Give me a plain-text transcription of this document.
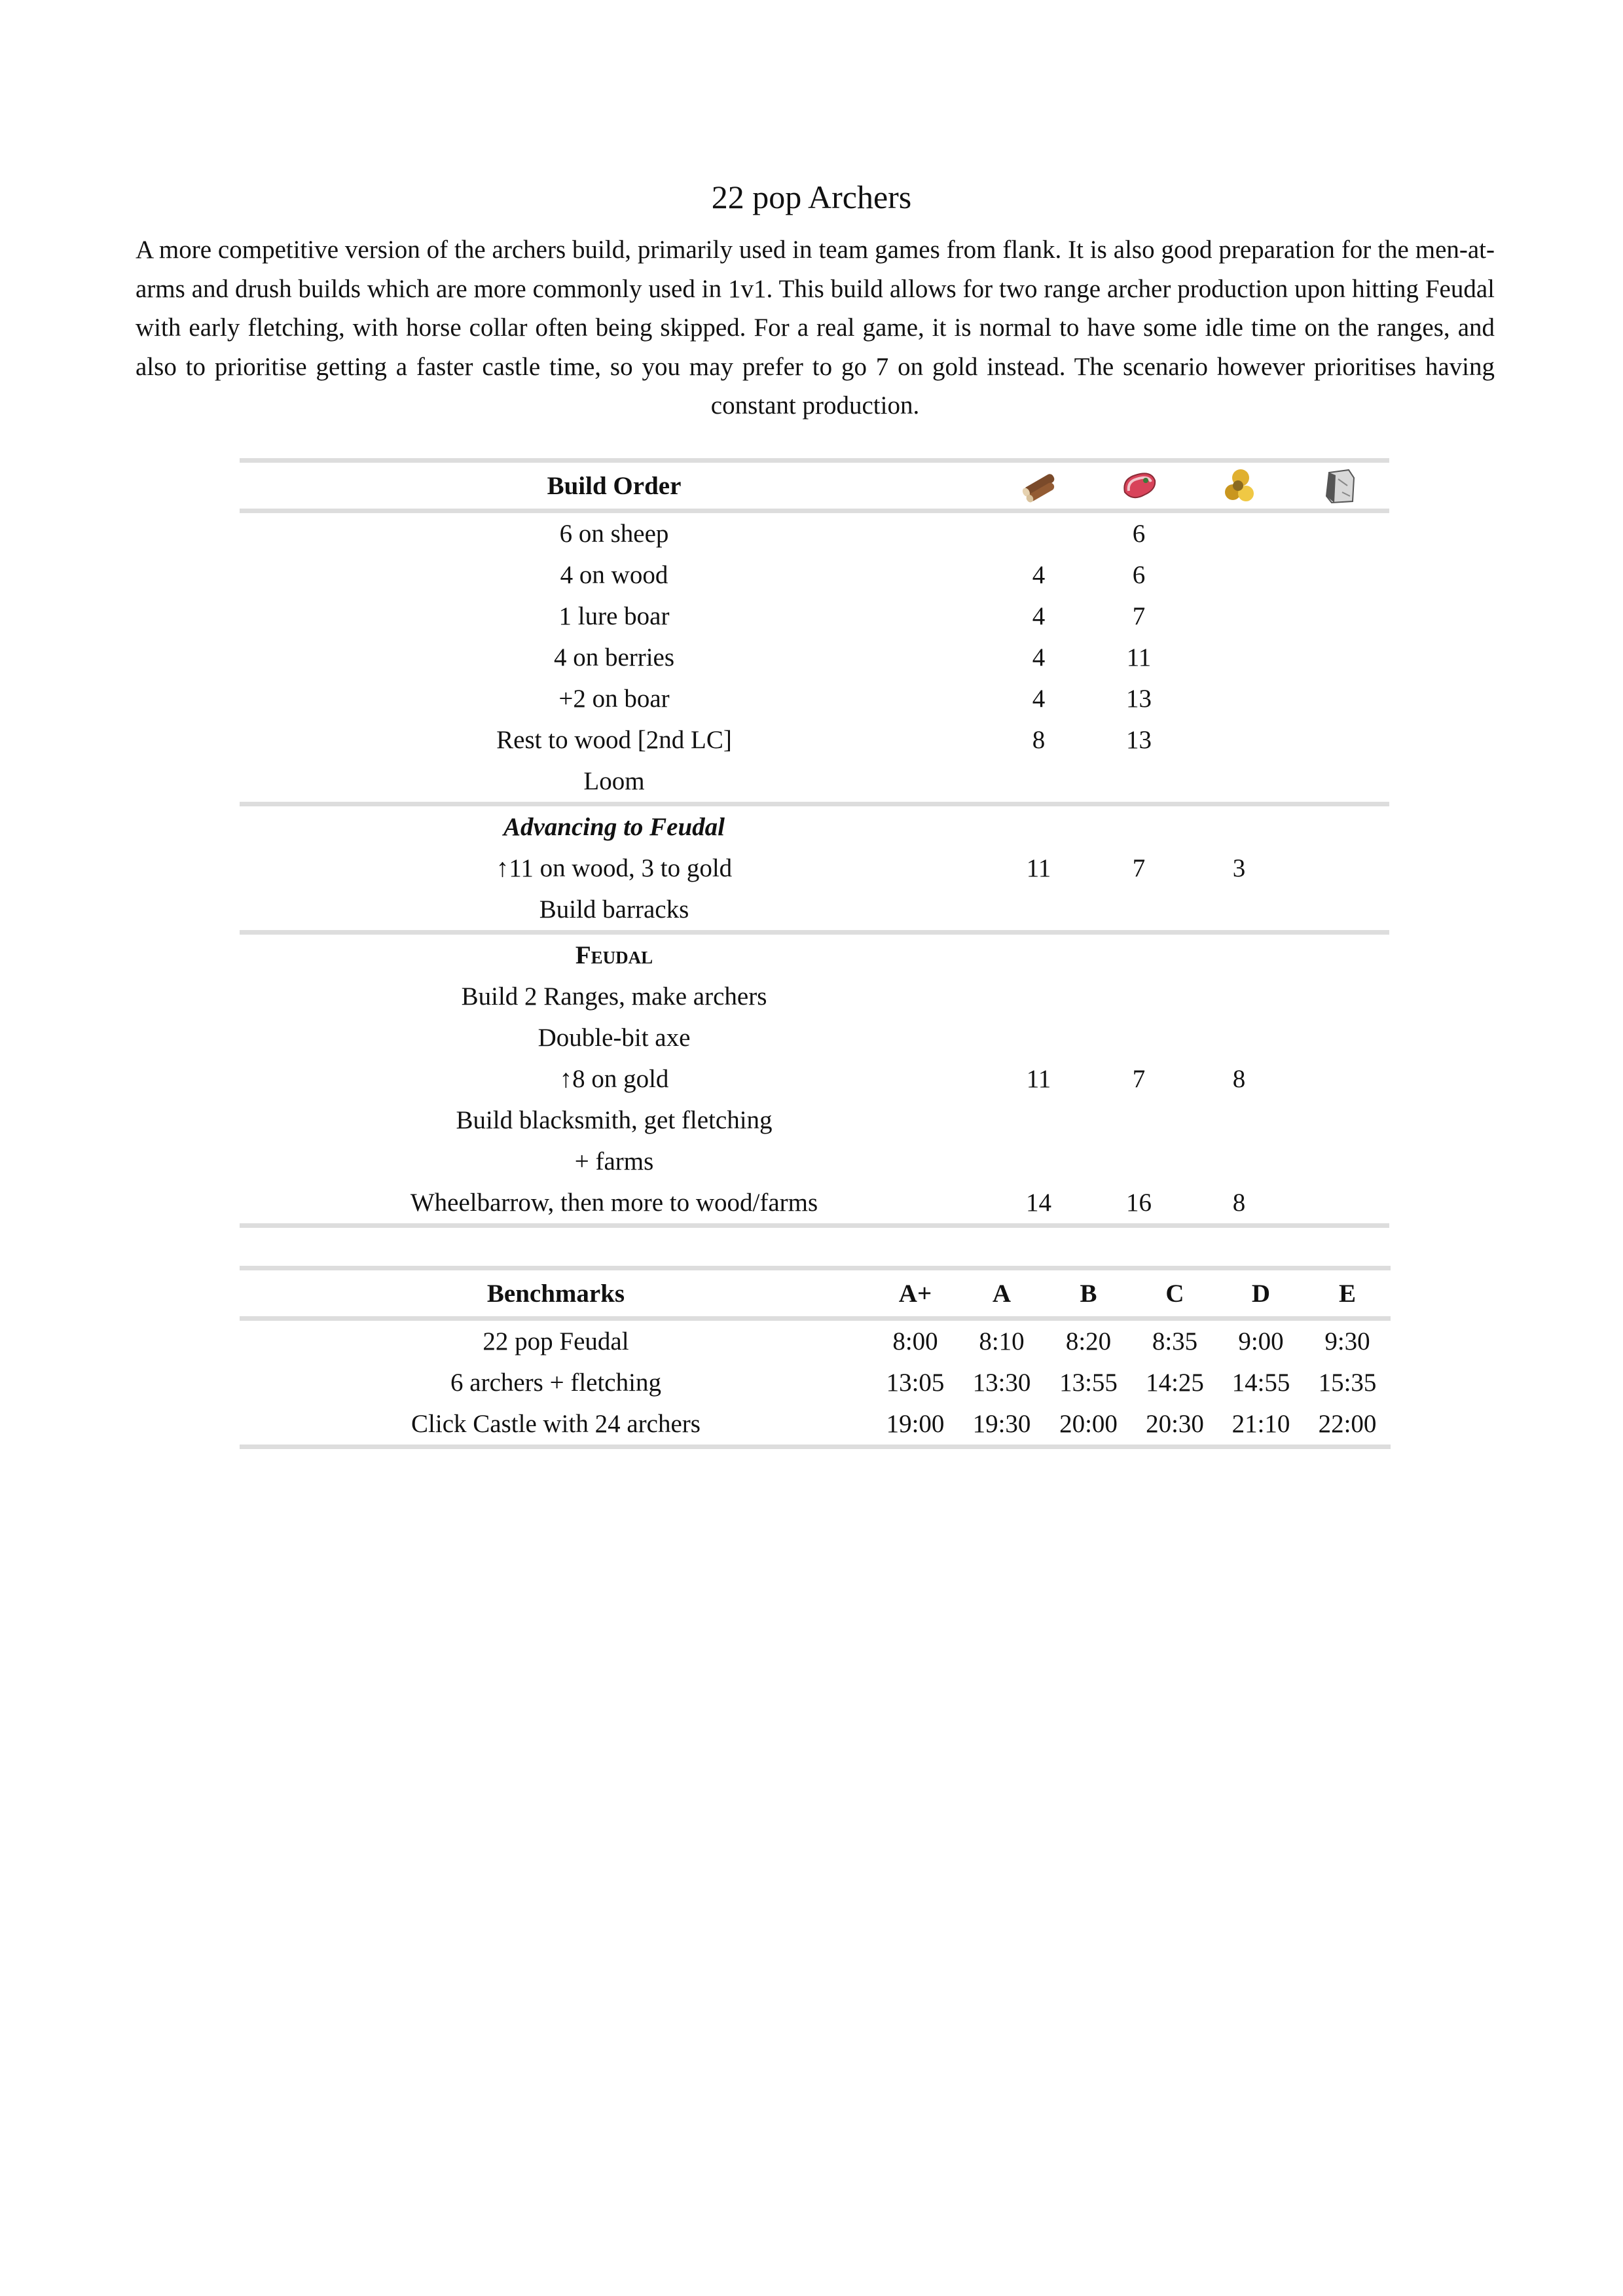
22 pop Archers

A more competitive version of the archers build, primarily used in team games from flank. It is also good preparation for the men-at-arms and drush builds which are more commonly used in 1v1. This build allows for two range archer production upon hitting Feudal with early fletching, with horse collar often being skipped. For a real game, it is normal to have some idle time on the ranges, and also to prioritise getting a faster castle time, so you may prefer to go 7 on gold instead. The scenario however prioritises having constant production.

Build Order				
6 on sheep		6		
4 on wood	4	6		
1 lure boar	4	7		
4 on berries	4	11		
+2 on boar	4	13		
Rest to wood [2nd LC]	8	13		
Loom				
Advancing to Feudal				
↑11 on wood, 3 to gold	11	7	3	
Build barracks				
Feudal				
Build 2 Ranges, make archers				
Double-bit axe				
↑8 on gold	11	7	8	
Build blacksmith, get fletching				
+ farms				
Wheelbarrow, then more to wood/farms	14	16	8	
Benchmarks	A+	A	B	C	D	E
22 pop Feudal	8:00	8:10	8:20	8:35	9:00	9:30
6 archers + fletching	13:05	13:30	13:55	14:25	14:55	15:35
Click Castle with 24 archers	19:00	19:30	20:00	20:30	21:10	22:00
